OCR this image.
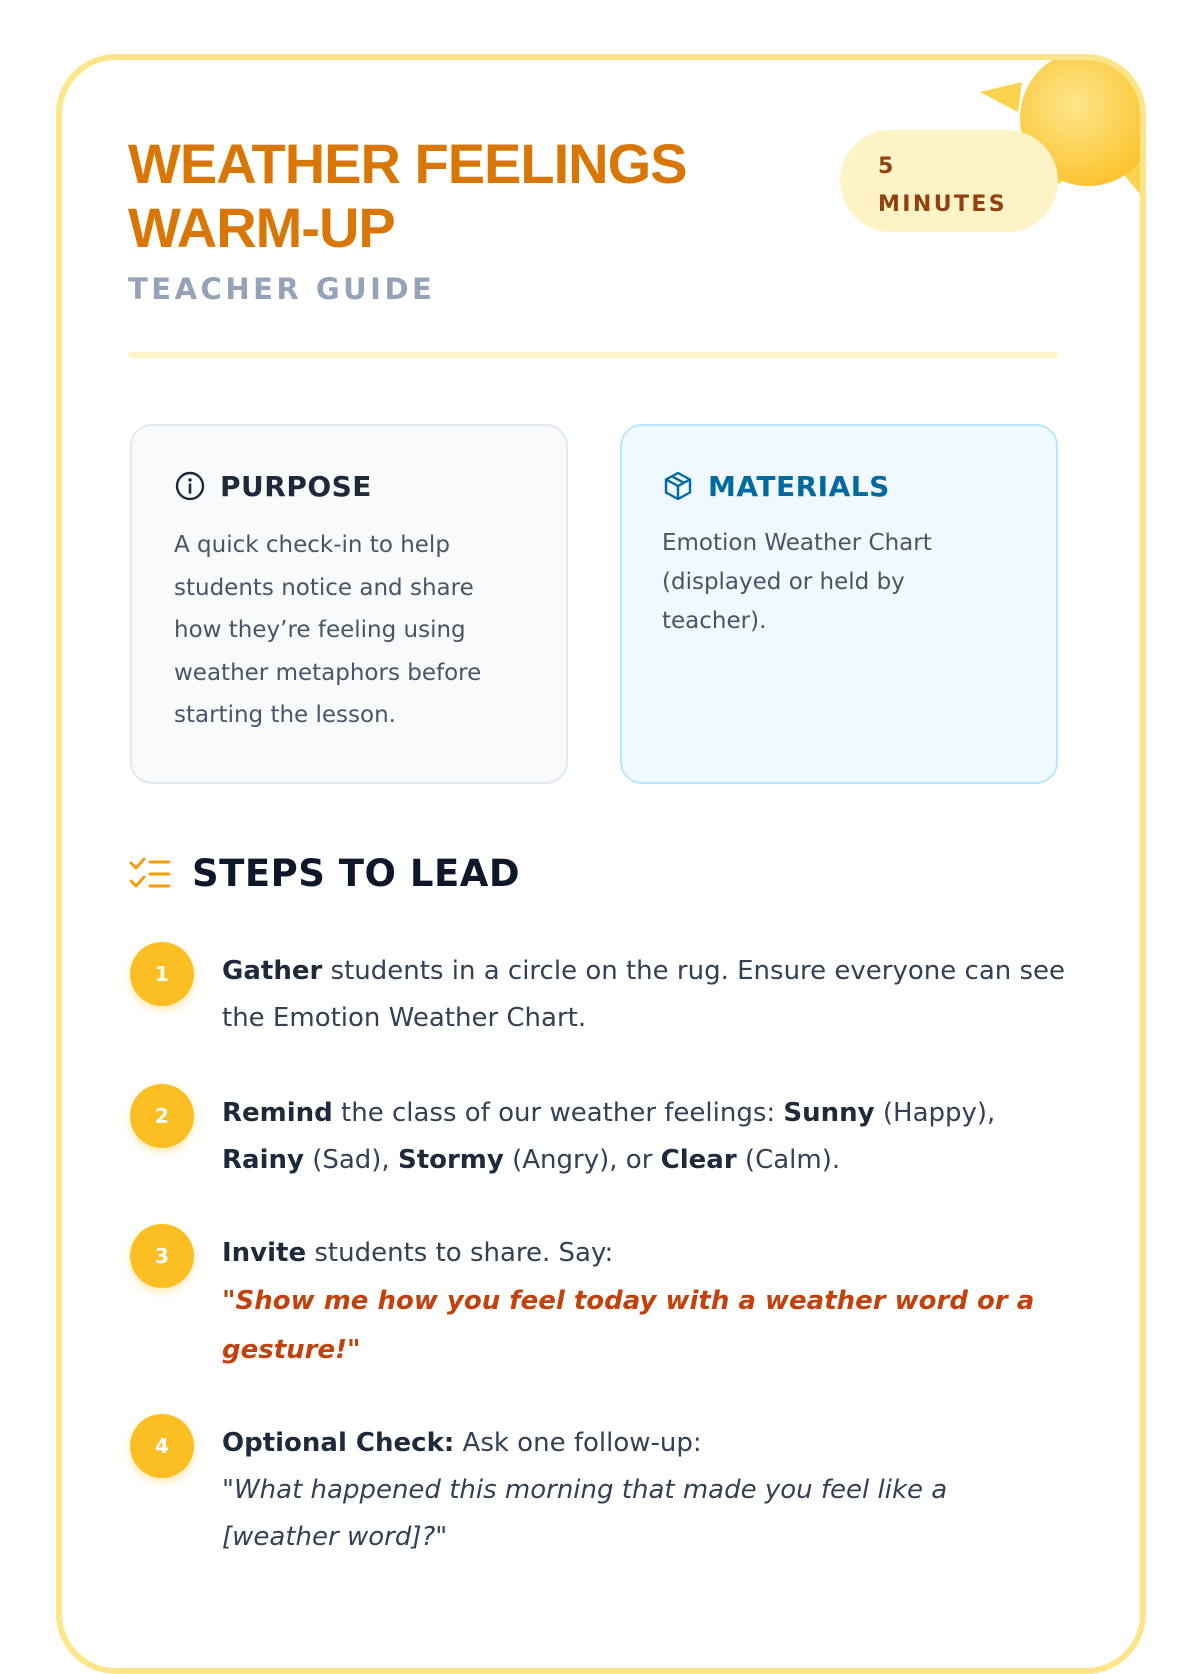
WEATHER FEELINGS
WARM-UP
TEACHER GUIDE
5
MINUTES
PURPOSE
A quick check-in to help students notice and share how they’re feeling using weather metaphors before starting the lesson.
MATERIALS
Emotion Weather Chart (displayed or held by teacher).
STEPS TO LEAD
1	Gather students in a circle on the rug. Ensure everyone can see the Emotion Weather Chart.
2	Remind the class of our weather feelings: Sunny (Happy), Rainy (Sad), Stormy (Angry), or Clear (Calm).
3	Invite students to share. Say:
"Show me how you feel today with a weather word or a gesture!"
4	Optional Check: Ask one follow-up:
"What happened this morning that made you feel like a [weather word]?"
